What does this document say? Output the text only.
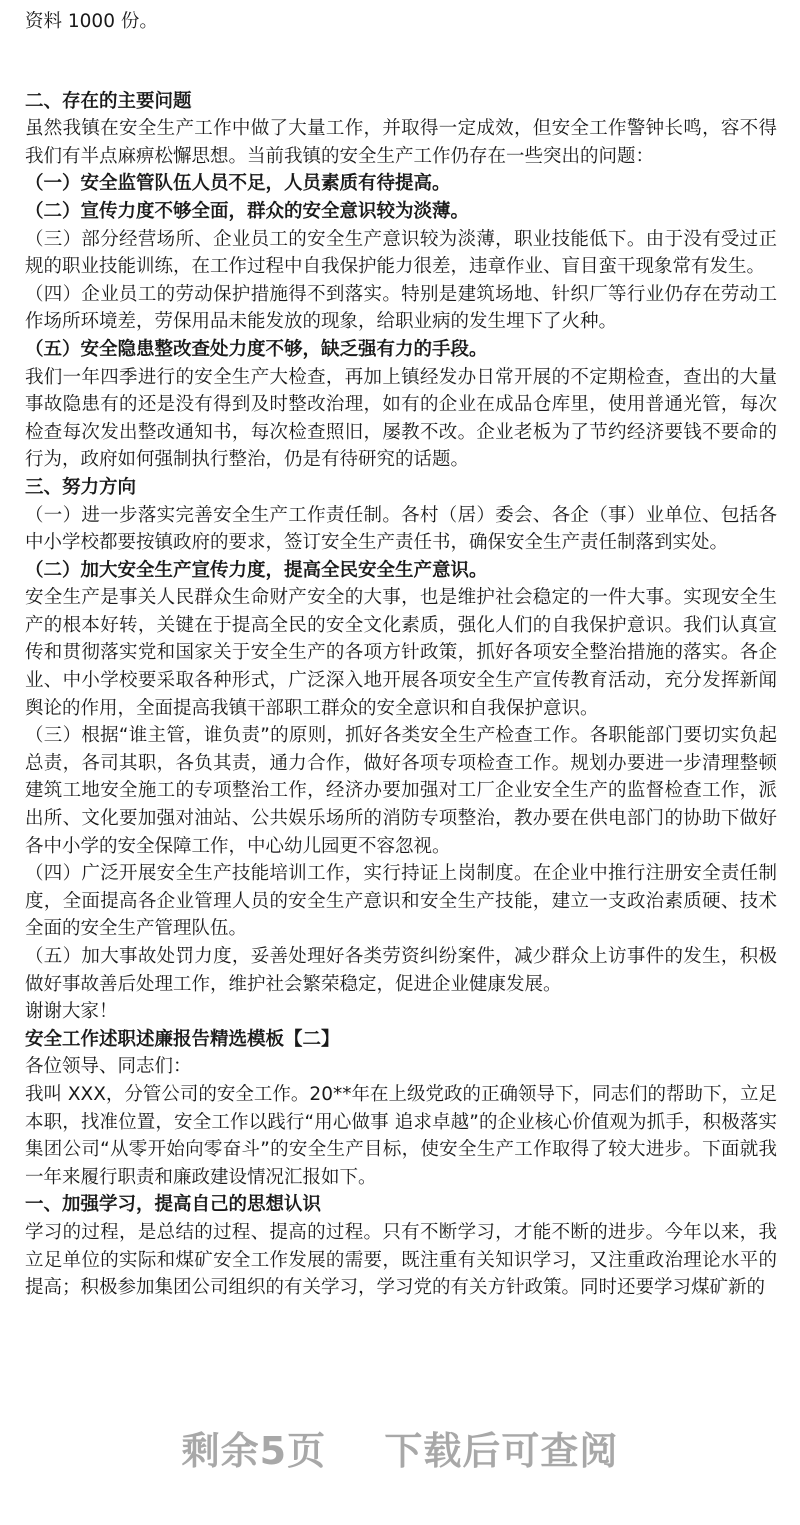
资料 1000 份。
二、存在的主要问题
虽然我镇在安全生产工作中做了大量工作，并取得一定成效，但安全工作警钟长鸣，容不得
我们有半点麻痹松懈思想。当前我镇的安全生产工作仍存在一些突出的问题：
（一）安全监管队伍人员不足，人员素质有待提高。
（二）宣传力度不够全面，群众的安全意识较为淡薄。
（三）部分经营场所、企业员工的安全生产意识较为淡薄，职业技能低下。由于没有受过正
规的职业技能训练，在工作过程中自我保护能力很差，违章作业、盲目蛮干现象常有发生。
（四）企业员工的劳动保护措施得不到落实。特别是建筑场地、针织厂等行业仍存在劳动工
作场所环境差，劳保用品未能发放的现象，给职业病的发生埋下了火种。
（五）安全隐患整改查处力度不够，缺乏强有力的手段。
我们一年四季进行的安全生产大检查，再加上镇经发办日常开展的不定期检查，查出的大量
事故隐患有的还是没有得到及时整改治理，如有的企业在成品仓库里，使用普通光管，每次
检查每次发出整改通知书，每次检查照旧，屡教不改。企业老板为了节约经济要钱不要命的
行为，政府如何强制执行整治，仍是有待研究的话题。
三、努力方向
（一）进一步落实完善安全生产工作责任制。各村（居）委会、各企（事）业单位、包括各
中小学校都要按镇政府的要求，签订安全生产责任书，确保安全生产责任制落到实处。
（二）加大安全生产宣传力度，提高全民安全生产意识。
安全生产是事关人民群众生命财产安全的大事，也是维护社会稳定的一件大事。实现安全生
产的根本好转，关键在于提高全民的安全文化素质，强化人们的自我保护意识。我们认真宣
传和贯彻落实党和国家关于安全生产的各项方针政策，抓好各项安全整治措施的落实。各企
业、中小学校要采取各种形式，广泛深入地开展各项安全生产宣传教育活动，充分发挥新闻
舆论的作用，全面提高我镇干部职工群众的安全意识和自我保护意识。
（三）根据“谁主管，谁负责”的原则，抓好各类安全生产检查工作。各职能部门要切实负起
总责，各司其职，各负其责，通力合作，做好各项专项检查工作。规划办要进一步清理整顿
建筑工地安全施工的专项整治工作，经济办要加强对工厂企业安全生产的监督检查工作，派
出所、文化要加强对油站、公共娱乐场所的消防专项整治，教办要在供电部门的协助下做好
各中小学的安全保障工作，中心幼儿园更不容忽视。
（四）广泛开展安全生产技能培训工作，实行持证上岗制度。在企业中推行注册安全责任制
度，全面提高各企业管理人员的安全生产意识和安全生产技能，建立一支政治素质硬、技术
全面的安全生产管理队伍。
（五）加大事故处罚力度，妥善处理好各类劳资纠纷案件，减少群众上访事件的发生，积极
做好事故善后处理工作，维护社会繁荣稳定，促进企业健康发展。
谢谢大家！
安全工作述职述廉报告精选模板【二】
各位领导、同志们：
我叫 XXX，分管公司的安全工作。20**年在上级党政的正确领导下，同志们的帮助下，立足
本职，找准位置，安全工作以践行“用心做事 追求卓越”的企业核心价值观为抓手，积极落实
集团公司“从零开始向零奋斗”的安全生产目标，使安全生产工作取得了较大进步。下面就我
一年来履行职责和廉政建设情况汇报如下。
一、加强学习，提高自己的思想认识
学习的过程，是总结的过程、提高的过程。只有不断学习，才能不断的进步。今年以来，我
立足单位的实际和煤矿安全工作发展的需要，既注重有关知识学习，又注重政治理论水平的
提高；积极参加集团公司组织的有关学习，学习党的有关方针政策。同时还要学习煤矿新的
剩余5页 下载后可查阅
